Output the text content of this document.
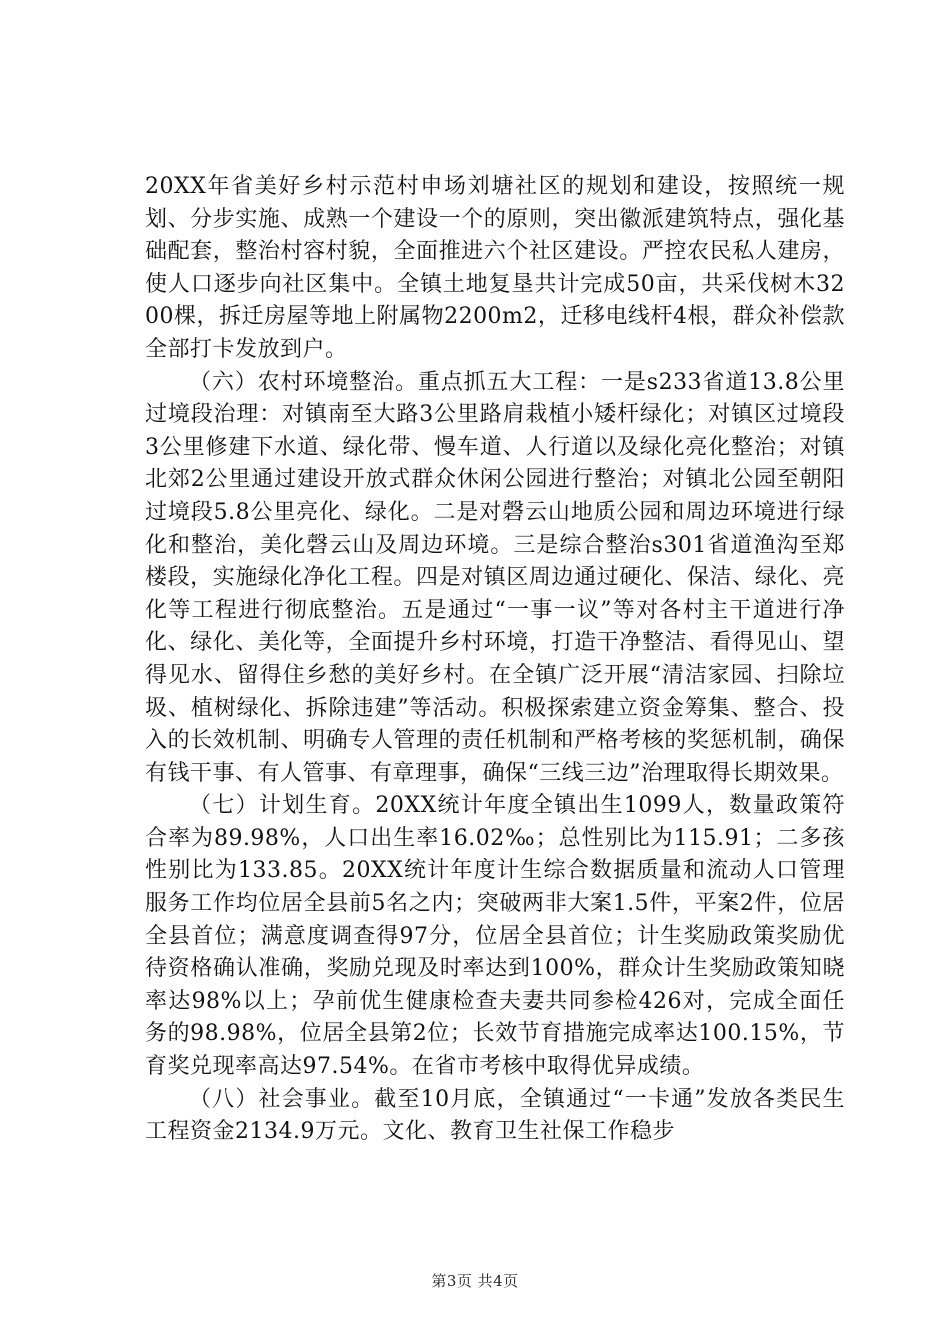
20XX年省美好乡村示范村申场刘塘社区的规划和建设，按照统一规划、分步实施、成熟一个建设一个的原则，突出徽派建筑特点，强化基础配套，整治村容村貌，全面推进六个社区建设。严控农民私人建房，使人口逐步向社区集中。全镇土地复垦共计完成50亩，共采伐树木3200棵，拆迁房屋等地上附属物2200m2，迁移电线杆4根，群众补偿款全部打卡发放到户。

（六）农村环境整治。重点抓五大工程：一是s233省道13.8公里过境段治理：对镇南至大路3公里路肩栽植小矮杆绿化；对镇区过境段3公里修建下水道、绿化带、慢车道、人行道以及绿化亮化整治；对镇北郊2公里通过建设开放式群众休闲公园进行整治；对镇北公园至朝阳过境段5.8公里亮化、绿化。二是对磬云山地质公园和周边环境进行绿化和整治，美化磬云山及周边环境。三是综合整治s301省道渔沟至郑楼段，实施绿化净化工程。四是对镇区周边通过硬化、保洁、绿化、亮化等工程进行彻底整治。五是通过“一事一议”等对各村主干道进行净化、绿化、美化等，全面提升乡村环境，打造干净整洁、看得见山、望得见水、留得住乡愁的美好乡村。在全镇广泛开展“清洁家园、扫除垃圾、植树绿化、拆除违建”等活动。积极探索建立资金筹集、整合、投入的长效机制、明确专人管理的责任机制和严格考核的奖惩机制，确保有钱干事、有人管事、有章理事，确保“三线三边”治理取得长期效果。

（七）计划生育。20XX统计年度全镇出生1099人，数量政策符合率为89.98%，人口出生率16.02‰；总性别比为115.91；二多孩性别比为133.85。20XX统计年度计生综合数据质量和流动人口管理服务工作均位居全县前5名之内；突破两非大案1.5件，平案2件，位居全县首位；满意度调查得97分，位居全县首位；计生奖励政策奖励优待资格确认准确，奖励兑现及时率达到100%，群众计生奖励政策知晓率达98%以上；孕前优生健康检查夫妻共同参检426对，完成全面任务的98.98%，位居全县第2位；长效节育措施完成率达100.15%，节育奖兑现率高达97.54%。在省市考核中取得优异成绩。

（八）社会事业。截至10月底，全镇通过“一卡通”发放各类民生工程资金2134.9万元。文化、教育卫生社保工作稳步

第3页 共4页
